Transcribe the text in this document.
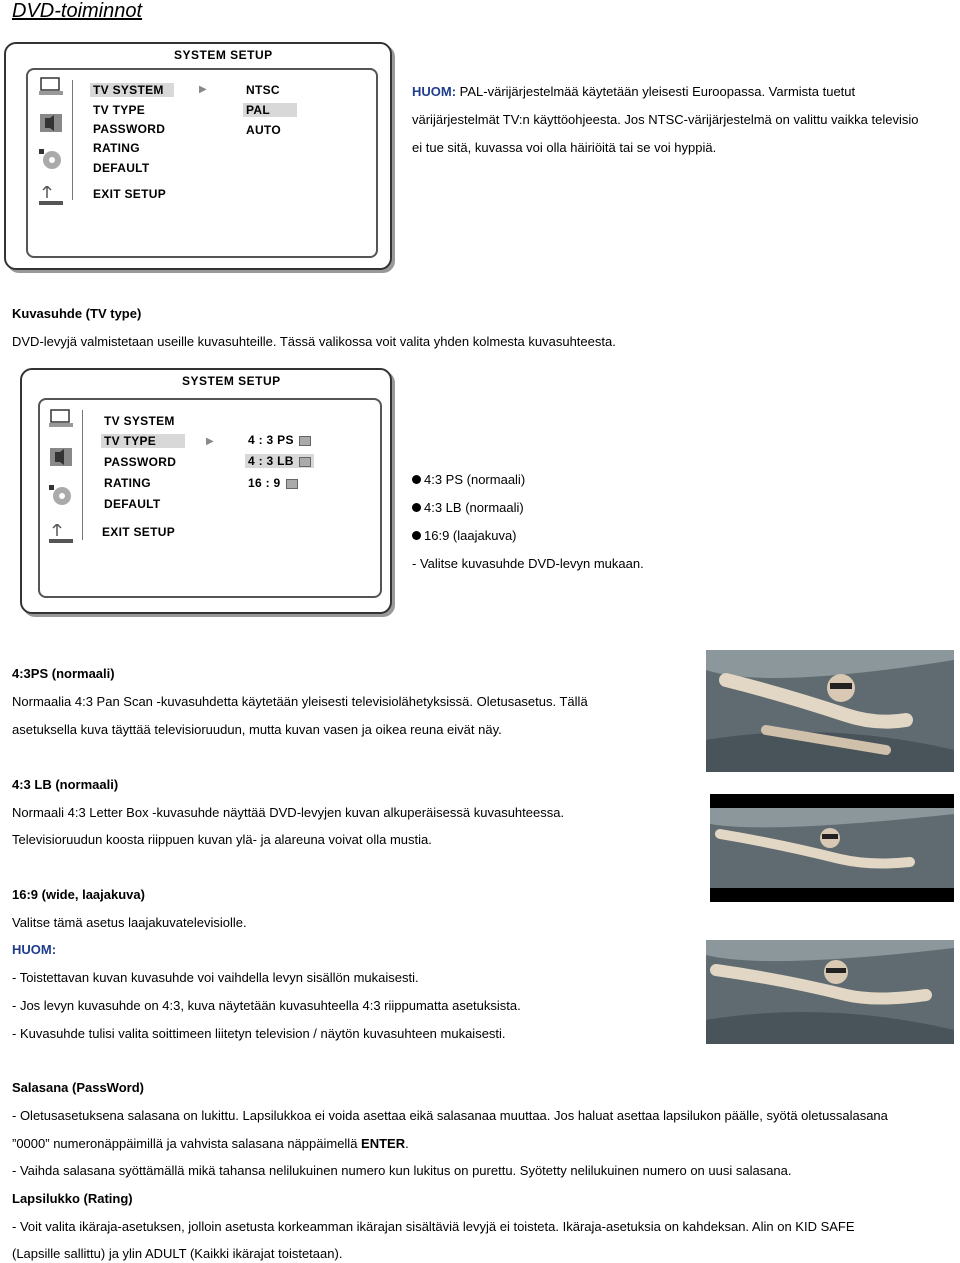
DVD-toiminnot
SYSTEM SETUP
TV SYSTEM
TV TYPE
PASSWORD
RATING
DEFAULT
EXIT SETUP
▶	NTSC
PAL
AUTO
HUOM: PAL-värijärjestelmää käytetään yleisesti Euroopassa. Varmista tuetut
värijärjestelmät TV:n käyttöohjeesta. Jos NTSC-värijärjestelmä on valittu vaikka televisio
ei tue sitä, kuvassa voi olla häiriöitä tai se voi hyppiä.
Kuvasuhde (TV type)
DVD-levyjä valmistetaan useille kuvasuhteille. Tässä valikossa voit valita yhden kolmesta kuvasuhteesta.
SYSTEM SETUP
TV SYSTEM
TV TYPE
PASSWORD
RATING
DEFAULT
EXIT SETUP
▶	4 : 3 PS
4 : 3 LB
16 : 9	4:3 PS (normaali)
4:3 LB (normaali)
16:9 (laajakuva)
- Valitse kuvasuhde DVD-levyn mukaan.
4:3PS (normaali)
Normaalia 4:3 Pan Scan -kuvasuhdetta käytetään yleisesti televisiolähetyksissä. Oletusasetus. Tällä
asetuksella kuva täyttää televisioruudun, mutta kuvan vasen ja oikea reuna eivät näy.
4:3 LB (normaali)
Normaali 4:3 Letter Box -kuvasuhde näyttää DVD-levyjen kuvan alkuperäisessä kuvasuhteessa.
Televisioruudun koosta riippuen kuvan ylä- ja alareuna voivat olla mustia.
16:9 (wide, laajakuva)
Valitse tämä asetus laajakuvatelevisiolle.
HUOM:
- Toistettavan kuvan kuvasuhde voi vaihdella levyn sisällön mukaisesti.
- Jos levyn kuvasuhde on 4:3, kuva näytetään kuvasuhteella 4:3 riippumatta asetuksista.
- Kuvasuhde tulisi valita soittimeen liitetyn television / näytön kuvasuhteen mukaisesti.
Salasana (PassWord)
- Oletusasetuksena salasana on lukittu. Lapsilukkoa ei voida asettaa eikä salasanaa muuttaa. Jos haluat asettaa lapsilukon päälle, syötä oletussalasana
”0000” numeronäppäimillä ja vahvista salasana näppäimellä ENTER.
- Vaihda salasana syöttämällä mikä tahansa nelilukuinen numero kun lukitus on purettu. Syötetty nelilukuinen numero on uusi salasana.
Lapsilukko (Rating)
- Voit valita ikäraja-asetuksen, jolloin asetusta korkeamman ikärajan sisältäviä levyjä ei toisteta. Ikäraja-asetuksia on kahdeksan. Alin on KID SAFE
(Lapsille sallittu) ja ylin ADULT (Kaikki ikärajat toistetaan).
